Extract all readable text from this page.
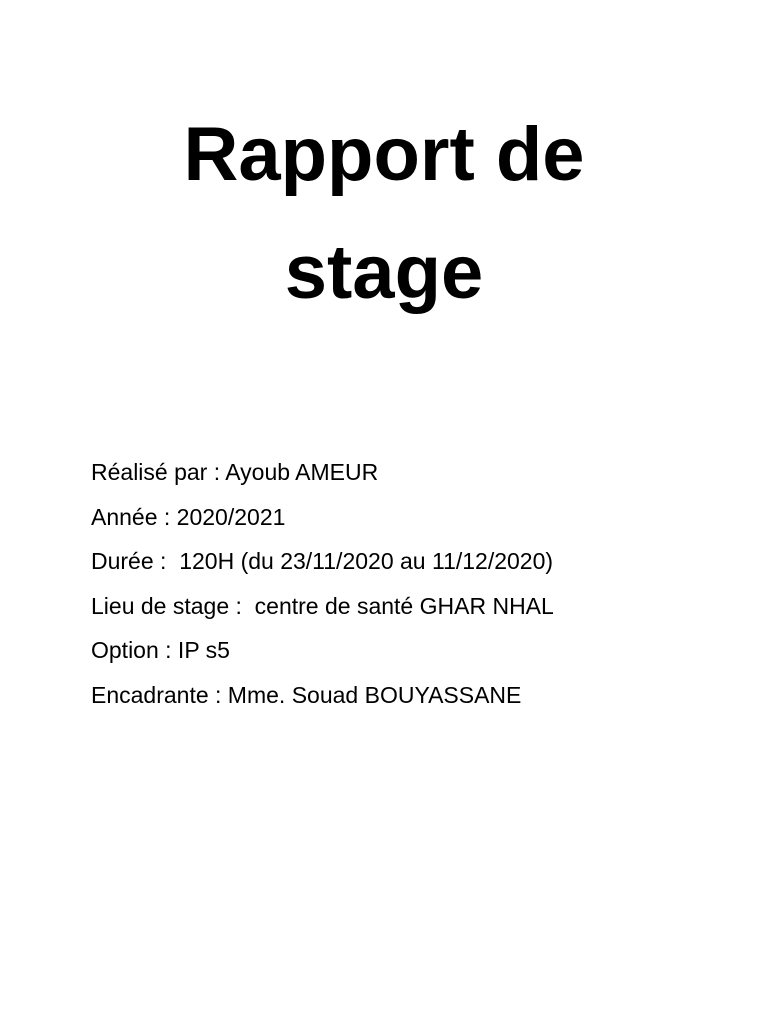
Rapport de
stage
Réalisé par : Ayoub AMEUR
Année : 2020/2021
Durée :  120H (du 23/11/2020 au 11/12/2020)
Lieu de stage :  centre de santé GHAR NHAL
Option : IP s5
Encadrante : Mme. Souad BOUYASSANE
